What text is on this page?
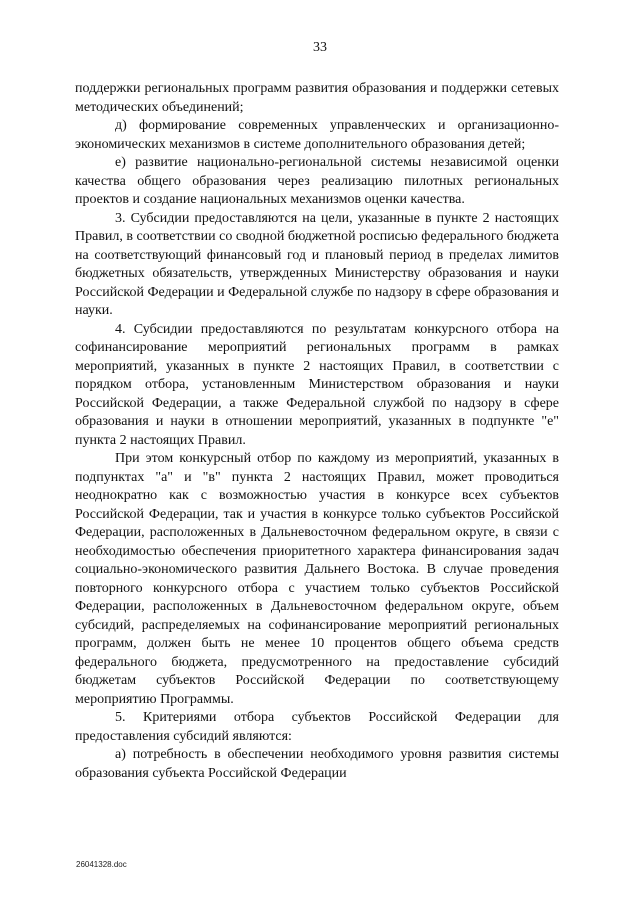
33

поддержки региональных программ развития образования и поддержки сетевых методических объединений;

д) формирование современных управленческих и организационно-экономических механизмов в системе дополнительного образования детей;

е) развитие национально-региональной системы независимой оценки качества общего образования через реализацию пилотных региональных проектов и создание национальных механизмов оценки качества.

3. Субсидии предоставляются на цели, указанные в пункте 2 настоящих Правил, в соответствии со сводной бюджетной росписью федерального бюджета на соответствующий финансовый год и плановый период в пределах лимитов бюджетных обязательств, утвержденных Министерству образования и науки Российской Федерации и Федеральной службе по надзору в сфере образования и науки.

4. Субсидии предоставляются по результатам конкурсного отбора на софинансирование мероприятий региональных программ в рамках мероприятий, указанных в пункте 2 настоящих Правил, в соответствии с порядком отбора, установленным Министерством образования и науки Российской Федерации, а также Федеральной службой по надзору в сфере образования и науки в отношении мероприятий, указанных в подпункте "е" пункта 2 настоящих Правил.

При этом конкурсный отбор по каждому из мероприятий, указанных в подпунктах "а" и "в" пункта 2 настоящих Правил, может проводиться неоднократно как с возможностью участия в конкурсе всех субъектов Российской Федерации, так и участия в конкурсе только субъектов Российской Федерации, расположенных в Дальневосточном федеральном округе, в связи с необходимостью обеспечения приоритетного характера финансирования задач социально-экономического развития Дальнего Востока. В случае проведения повторного конкурсного отбора с участием только субъектов Российской Федерации, расположенных в Дальневосточном федеральном округе, объем субсидий, распределяемых на софинансирование мероприятий региональных программ, должен быть не менее 10 процентов общего объема средств федерального бюджета, предусмотренного на предоставление субсидий бюджетам субъектов Российской Федерации по соответствующему мероприятию Программы.

5. Критериями отбора субъектов Российской Федерации для предоставления субсидий являются:

а) потребность в обеспечении необходимого уровня развития системы образования субъекта Российской Федерации

26041328.doc
